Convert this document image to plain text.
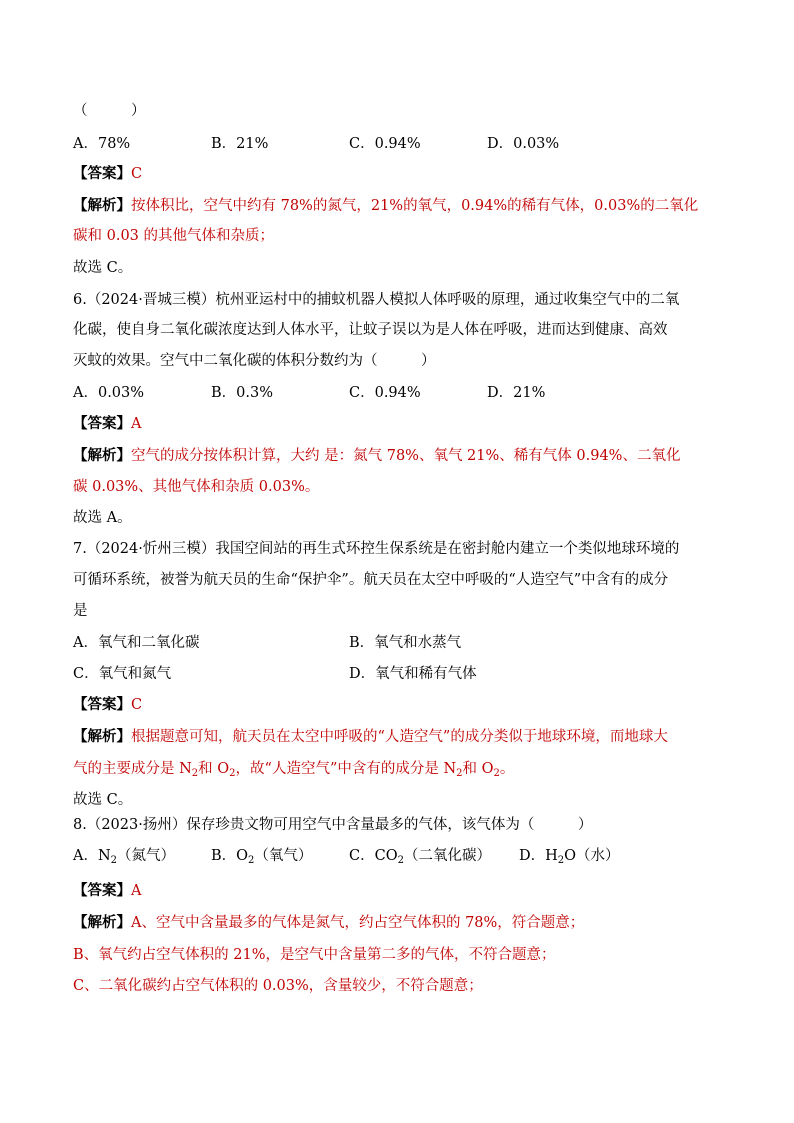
（　　　）
A．78%	B．21%	C．0.94%	D．0.03%
【答案】C
【解析】按体积比，空气中约有 78%的氮气，21%的氧气，0.94%的稀有气体，0.03%的二氧化
碳和 0.03 的其他气体和杂质；
故选 C。
6.（2024·晋城三模）杭州亚运村中的捕蚊机器人模拟人体呼吸的原理，通过收集空气中的二氧
化碳，使自身二氧化碳浓度达到人体水平，让蚊子误以为是人体在呼吸，进而达到健康、高效
灭蚊的效果。空气中二氧化碳的体积分数约为（　　　）
A．0.03%	B．0.3%	C．0.94%	D．21%
【答案】A
【解析】空气的成分按体积计算，大约 是：氮气 78%、氧气 21%、稀有气体 0.94%、二氧化
碳 0.03%、其他气体和杂质 0.03%。
故选 A。
7.（2024·忻州三模）我国空间站的再生式环控生保系统是在密封舱内建立一个类似地球环境的
可循环系统，被誉为航天员的生命“保护伞”。航天员在太空中呼吸的“人造空气”中含有的成分
是
A．氧气和二氧化碳	B．氧气和水蒸气
C．氧气和氮气	D．氧气和稀有气体
【答案】C
【解析】根据题意可知，航天员在太空中呼吸的“人造空气”的成分类似于地球环境，而地球大
气的主要成分是 $N_2$和 $O_2$，故“人造空气”中含有的成分是 $N_2$和 $O_2$。
故选 C。
8.（2023·扬州）保存珍贵文物可用空气中含量最多的气体，该气体为（　　　）
A．$N_2$（氮气） B．$O_2$（氧气）	C．$CO_2$（二氧化碳） D．$H_2O$（水）
【答案】A
【解析】A、空气中含量最多的气体是氮气，约占空气体积的 78%，符合题意；
B、氧气约占空气体积的 21%，是空气中含量第二多的气体，不符合题意；
C、二氧化碳约占空气体积的 0.03%，含量较少，不符合题意；
